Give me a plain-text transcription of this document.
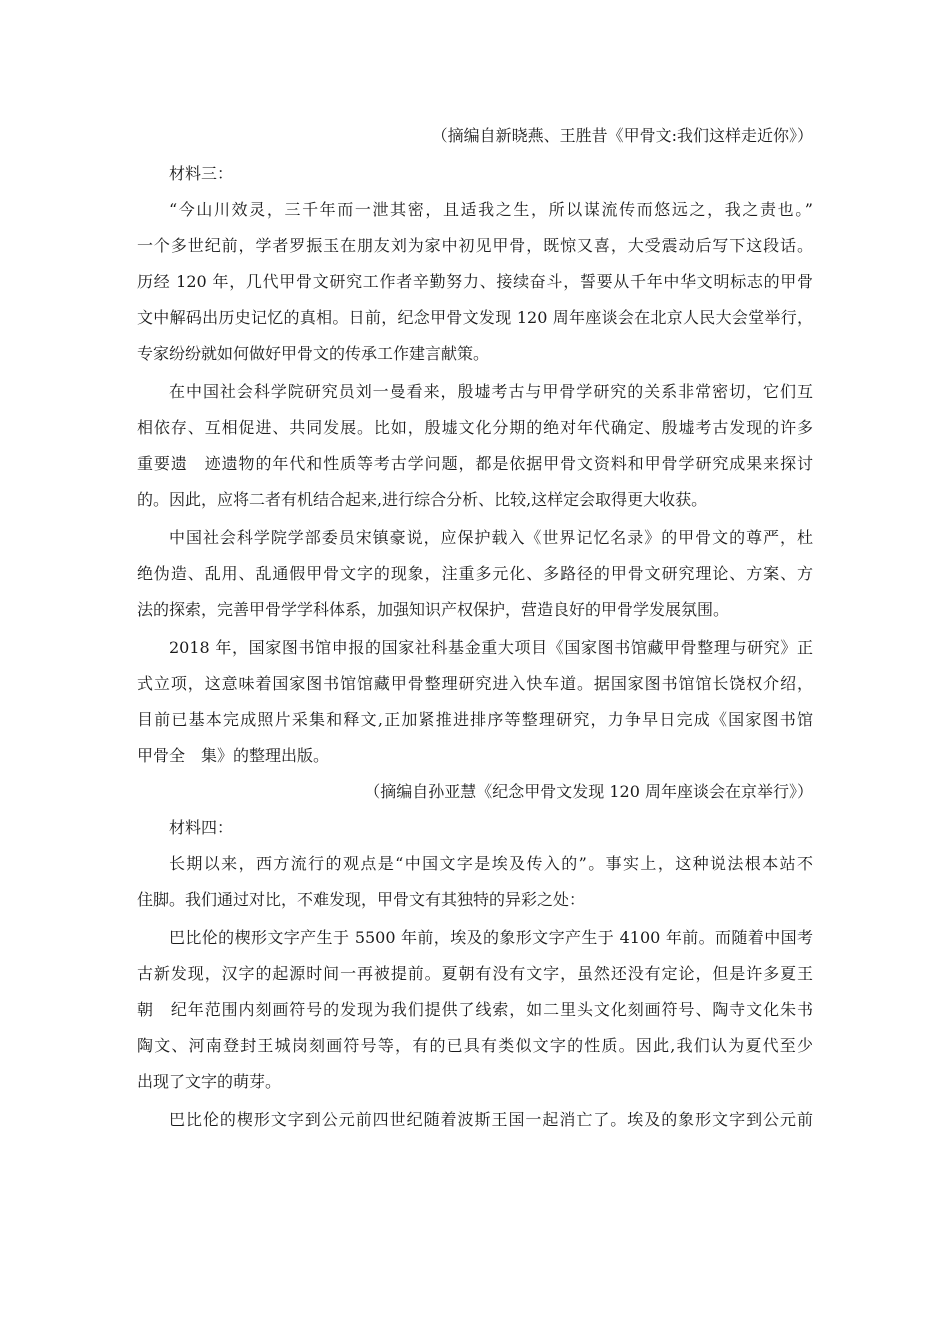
（摘编自新晓燕、王胜昔《甲骨文:我们这样走近你》）
材料三：
“今山川效灵，三千年而一泄其密，且适我之生，所以谋流传而悠远之，我之责也。”
一个多世纪前，学者罗振玉在朋友刘为家中初见甲骨，既惊又喜，大受震动后写下这段话。
历经 120 年，几代甲骨文研究工作者辛勤努力、接续奋斗，誓要从千年中华文明标志的甲骨
文中解码出历史记忆的真相。日前，纪念甲骨文发现 120 周年座谈会在北京人民大会堂举行，
专家纷纷就如何做好甲骨文的传承工作建言献策。
在中国社会科学院研究员刘一曼看来，殷墟考古与甲骨学研究的关系非常密切，它们互
相依存、互相促进、共同发展。比如，殷墟文化分期的绝对年代确定、殷墟考古发现的许多
重要遗　迹遗物的年代和性质等考古学问题，都是依据甲骨文资料和甲骨学研究成果来探讨
的。因此，应将二者有机结合起来,进行综合分析、比较,这样定会取得更大收获。
中国社会科学院学部委员宋镇豪说，应保护载入《世界记忆名录》的甲骨文的尊严，杜
绝伪造、乱用、乱通假甲骨文字的现象，注重多元化、多路径的甲骨文研究理论、方案、方
法的探索，完善甲骨学学科体系，加强知识产权保护，营造良好的甲骨学发展氛围。
2018 年，国家图书馆申报的国家社科基金重大项目《国家图书馆藏甲骨整理与研究》正
式立项，这意味着国家图书馆馆藏甲骨整理研究进入快车道。据国家图书馆馆长饶权介绍，
目前已基本完成照片采集和释文,正加紧推进排序等整理研究，力争早日完成《国家图书馆
甲骨全　集》的整理出版。
（摘编自孙亚慧《纪念甲骨文发现 120 周年座谈会在京举行》）
材料四：
长期以来，西方流行的观点是“中国文字是埃及传入的”。事实上，这种说法根本站不
住脚。我们通过对比，不难发现，甲骨文有其独特的异彩之处：
巴比伦的楔形文字产生于 5500 年前，埃及的象形文字产生于 4100 年前。而随着中国考
古新发现，汉字的起源时间一再被提前。夏朝有没有文字，虽然还没有定论，但是许多夏王
朝　纪年范围内刻画符号的发现为我们提供了线索，如二里头文化刻画符号、陶寺文化朱书
陶文、河南登封王城岗刻画符号等，有的已具有类似文字的性质。因此,我们认为夏代至少
出现了文字的萌芽。
巴比伦的楔形文字到公元前四世纪随着波斯王国一起消亡了。埃及的象形文字到公元前
